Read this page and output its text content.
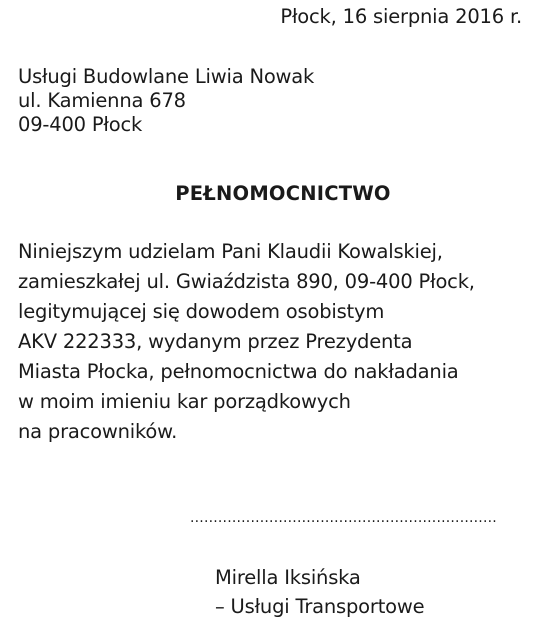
Płock, 16 sierpnia 2016 r.
Usługi Budowlane Liwia Nowak
ul. Kamienna 678
09-400 Płock
PEŁNOMOCNICTWO
Niniejszym udzielam Pani Klaudii Kowalskiej,
zamieszkałej ul. Gwiaździsta 890, 09-400 Płock,
legitymującej się dowodem osobistym
AKV 222333, wydanym przez Prezydenta
Miasta Płocka, pełnomocnictwa do nakładania
w moim imieniu kar porządkowych
na pracowników.
..................................................................
Mirella Iksińska
– Usługi Transportowe
